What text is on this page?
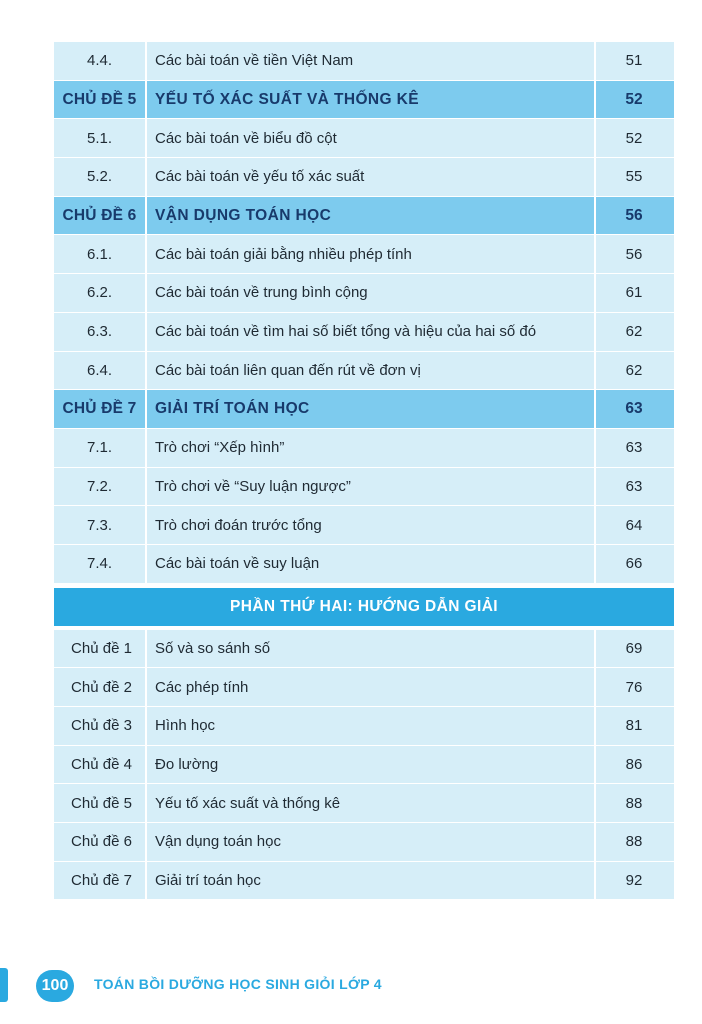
4.4.	Các bài toán về tiền Việt Nam	51
CHỦ ĐỀ 5	YẾU TỐ XÁC SUẤT VÀ THỐNG KÊ	52
5.1.	Các bài toán về biểu đồ cột	52
5.2.	Các bài toán về yếu tố xác suất	55
CHỦ ĐỀ 6	VẬN DỤNG TOÁN HỌC	56
6.1.	Các bài toán giải bằng nhiều phép tính	56
6.2.	Các bài toán về trung bình cộng	61
6.3.	Các bài toán về tìm hai số biết tổng và hiệu của hai số đó	62
6.4.	Các bài toán liên quan đến rút về đơn vị	62
CHỦ ĐỀ 7	GIẢI TRÍ TOÁN HỌC	63
7.1.	Trò chơi “Xếp hình”	63
7.2.	Trò chơi về “Suy luận ngược”	63
7.3.	Trò chơi đoán trước tổng	64
7.4.	Các bài toán về suy luận	66
PHẦN THỨ HAI: HƯỚNG DẪN GIẢI
Chủ đề 1	Số và so sánh số	69
Chủ đề 2	Các phép tính	76
Chủ đề 3	Hình học	81
Chủ đề 4	Đo lường	86
Chủ đề 5	Yếu tố xác suất và thống kê	88
Chủ đề 6	Vận dụng toán học	88
Chủ đề 7	Giải trí toán học	92
100	TOÁN BỒI DƯỠNG HỌC SINH GIỎI LỚP 4
